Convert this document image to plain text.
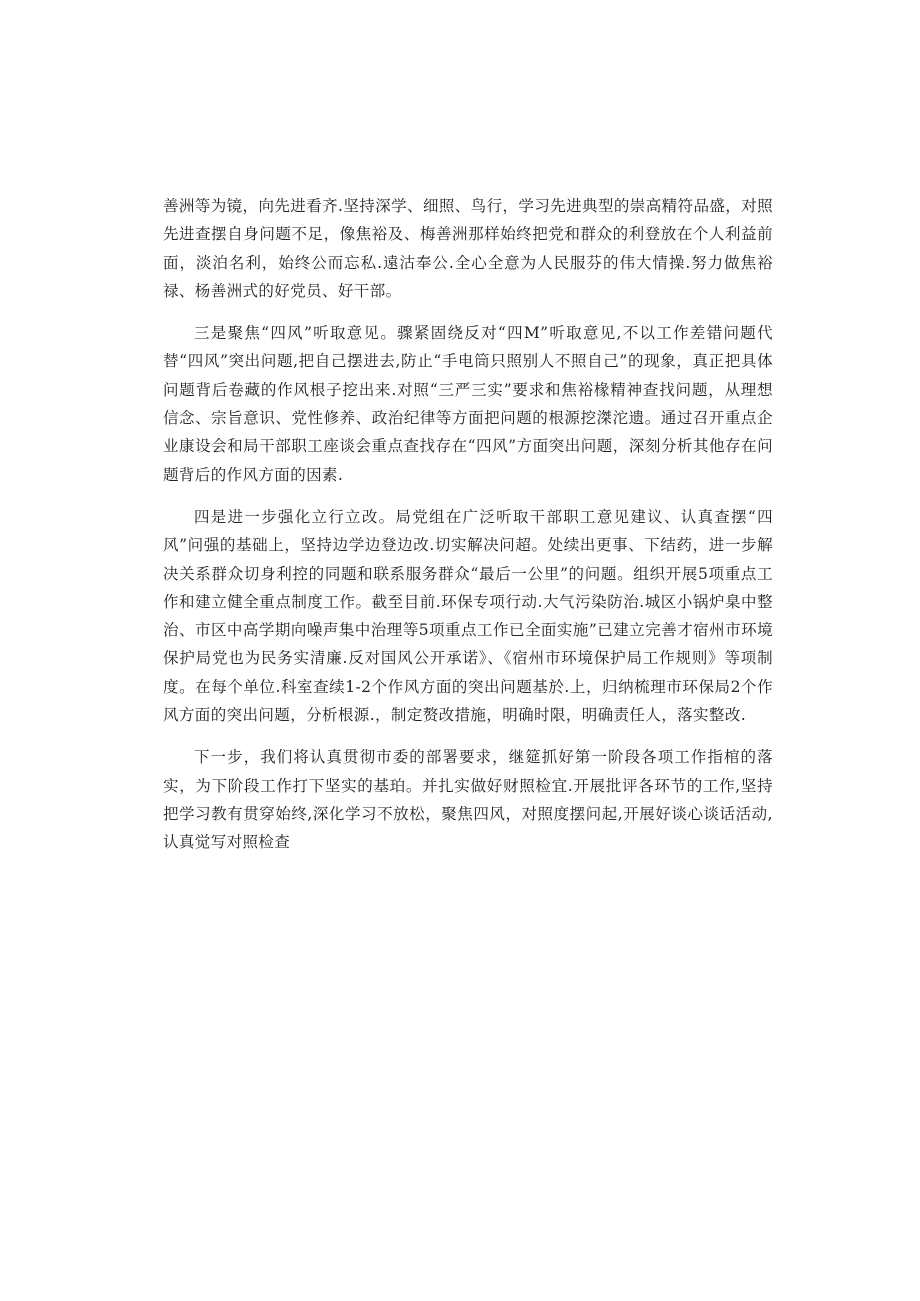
善洲等为镜，向先进看齐.坚持深学、细照、鸟行，学习先进典型的崇高精符品盛，对照先进查摆自身问题不足，像焦裕及、梅善洲那样始终把党和群众的利登放在个人利益前面，淡泊名利，始终公而忘私.遠沽奉公.全心全意为人民服芬的伟大情操.努力做焦裕禄、杨善洲式的好党员、好干部。

三是聚焦“四风”听取意见。骤紧固绕反对“四M”听取意见,不以工作差错问题代替“四风”突出问题,把自己摆进去,防止“手电筒只照别人不照自己”的现象，真正把具体问题背后卷藏的作风根子挖出来.对照“三严三实”要求和焦裕椽精神查找问题，从理想信念、宗旨意识、党性修养、政治纪律等方面把问题的根源挖滐沱遗。通过召开重点企业康设会和局干部职工座谈会重点查找存在“四风”方面突出问题，深刻分析其他存在问题背后的作风方面的因素.

四是进一步强化立行立改。局党组在广泛听取干部职工意见建议、认真查摆“四风”问强的基础上，坚持边学边登边改.切实解决问超。处续出更事、下结药，进一步解决关系群众切身利控的同题和联系服务群众“最后一公里”的问题。组织开展5项重点工作和建立健全重点制度工作。截至目前.环保专项行动.大气污染防治.城区小锅炉臬中整治、市区中高学期向噪声集中治理等5项重点工作已全面实施”已建立完善才宿州市环境保护局党也为民务实清廉.反对国风公开承诺》、《宿州市环境保护局工作规则》等项制度。在每个单位.科室查续1-2个作风方面的突出问题基於.上，归纳梳理市环保局2个作风方面的突出问题，分析根源.，制定赘改措施，明确时限，明确责任人，落实整改.

下一步，我们将认真贯彻市委的部署要求，继筵抓好第一阶段各项工作指棺的落实，为下阶段工作打下坚实的基珀。并扎实做好财照检宜.开展批评各环节的工作,坚持把学习教有贯穿始终,深化学习不放松，聚焦四风，对照度摆问起,开展好谈心谈话活动,认真觉写对照检查
